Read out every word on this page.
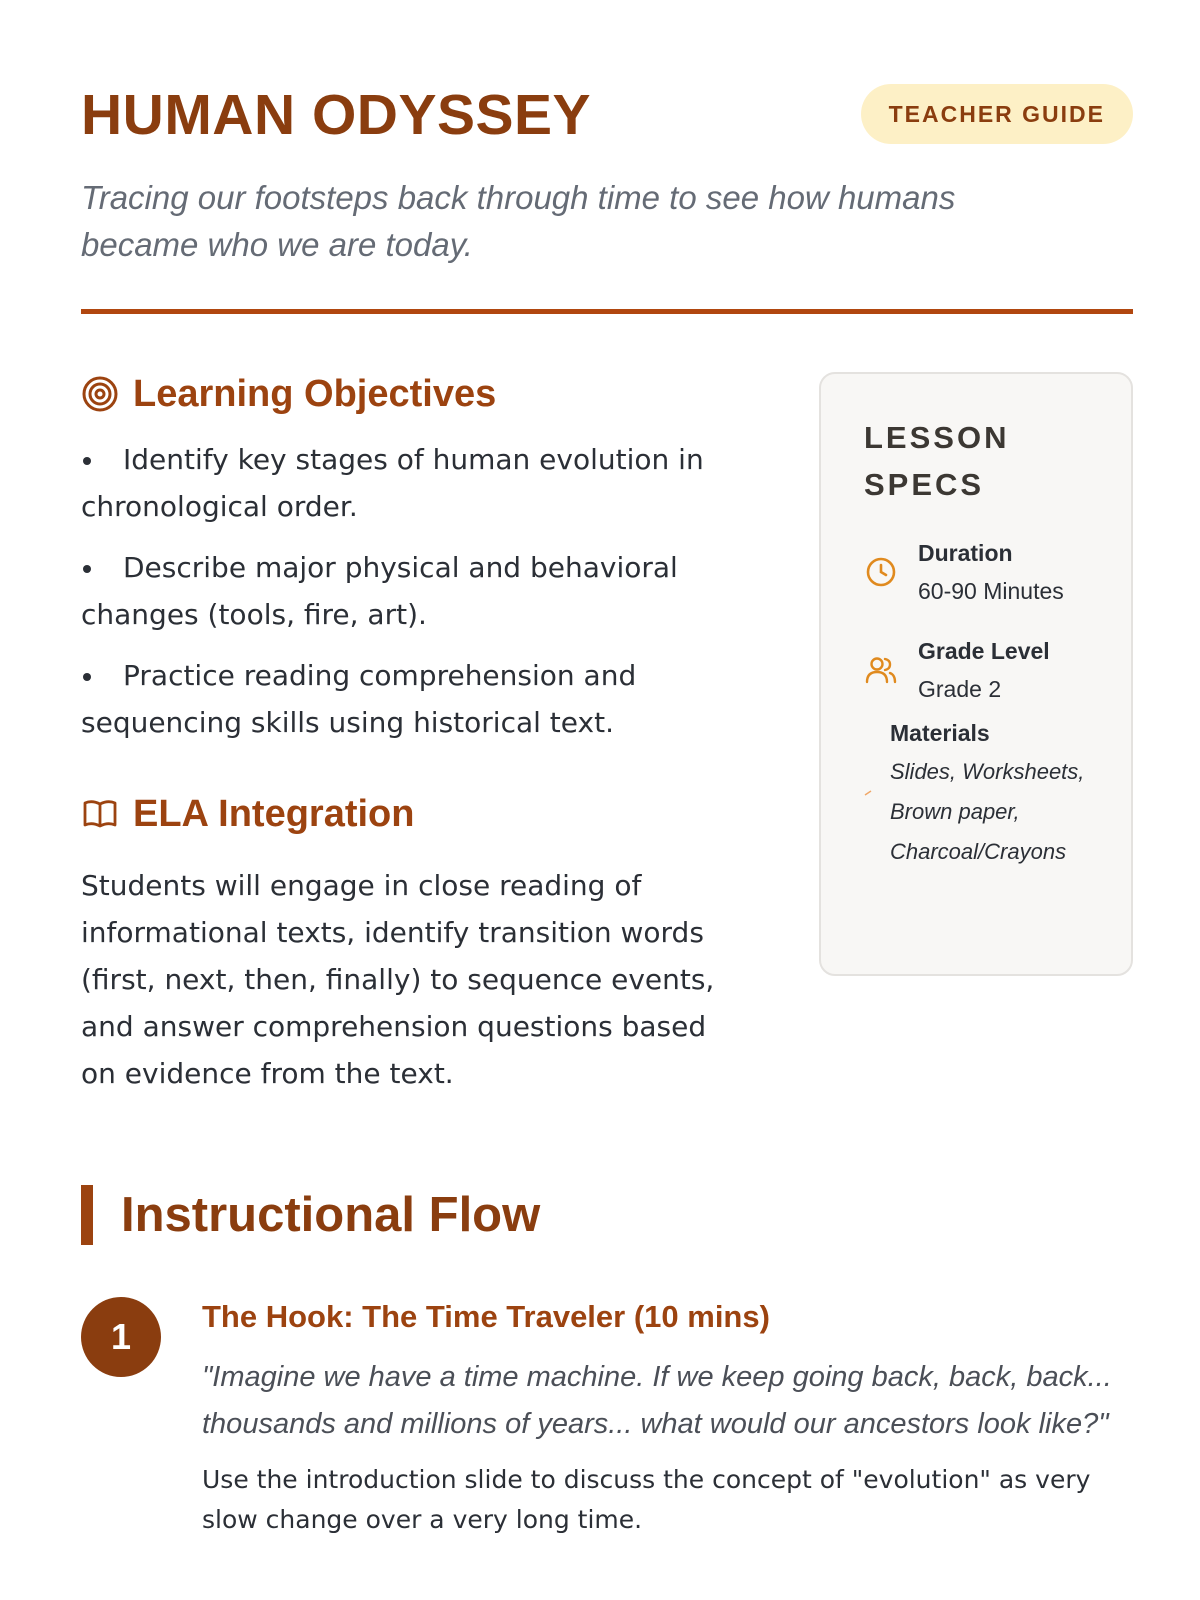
HUMAN ODYSSEY	TEACHER GUIDE

Tracing our footsteps back through time to see how humans became who we are today.

Learning Objectives
Identify key stages of human evolution in chronological order.
Describe major physical and behavioral changes (tools, fire, art).
Practice reading comprehension and sequencing skills using historical text.
ELA Integration

Students will engage in close reading of informational texts, identify transition words (first, next, then, finally) to sequence events, and answer comprehension questions based on evidence from the text.

LESSON SPECS
Duration
60-90 Minutes
Grade Level
Grade 2
Materials
Slides, Worksheets, Brown paper, Charcoal/Crayons
Instructional Flow
1	The Hook: The Time Traveler (10 mins)

"Imagine we have a time machine. If we keep going back, back, back... thousands and millions of years... what would our ancestors look like?"

Use the introduction slide to discuss the concept of "evolution" as very slow change over a very long time.
